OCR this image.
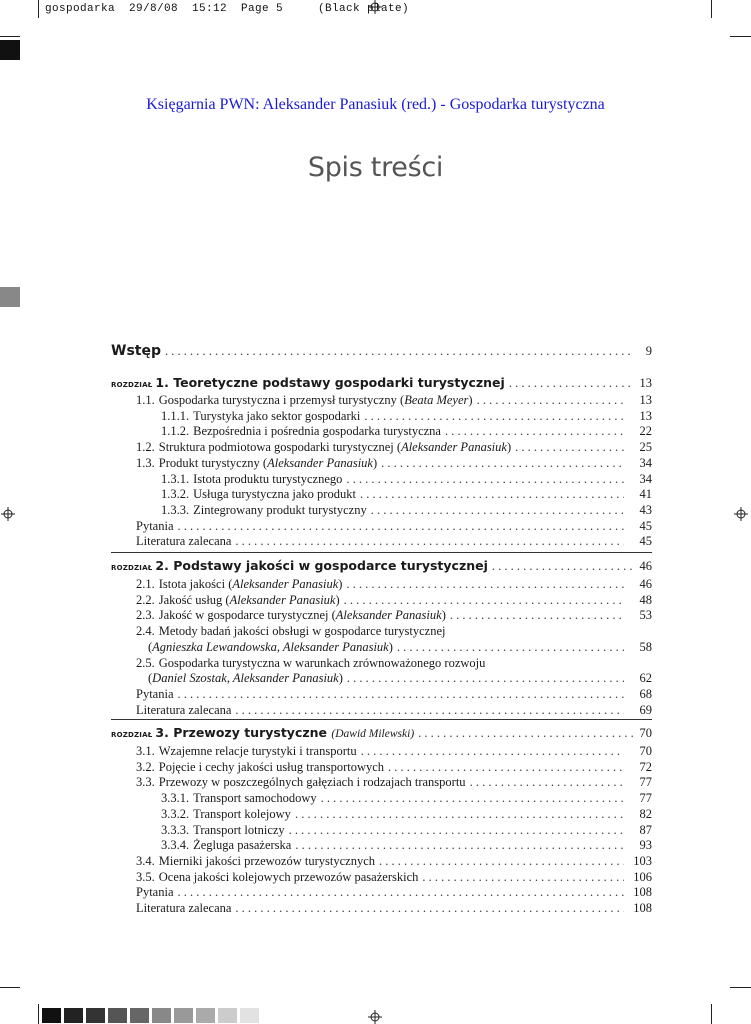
gospodarka  29/8/08  15:12  Page 5     (Black plate)
Księgarnia PWN: Aleksander Panasiuk (red.) - Gospodarka turystyczna
Spis treści
Wstęp . . .	9
ROZDZIAŁ 1. Teoretyczne podstawy gospodarki turystycznej . . .	13
1.1. Gospodarka turystyczna i przemysł turystyczny (Beata Meyer) . . .	13
1.1.1. Turystyka jako sektor gospodarki . . .	13
1.1.2. Bezpośrednia i pośrednia gospodarka turystyczna . . .	22
1.2. Struktura podmiotowa gospodarki turystycznej (Aleksander Panasiuk) . . .	25
1.3. Produkt turystyczny (Aleksander Panasiuk) . . .	34
1.3.1. Istota produktu turystycznego . . .	34
1.3.2. Usługa turystyczna jako produkt . . .	41
1.3.3. Zintegrowany produkt turystyczny . . .	43
Pytania . . .	45
Literatura zalecana . . .	45
ROZDZIAŁ 2. Podstawy jakości w gospodarce turystycznej . . .	46
2.1. Istota jakości (Aleksander Panasiuk) . . .	46
2.2. Jakość usług (Aleksander Panasiuk) . . .	48
2.3. Jakość w gospodarce turystycznej (Aleksander Panasiuk) . . .	53
2.4. Metody badań jakości obsługi w gospodarce turystycznej
(Agnieszka Lewandowska, Aleksander Panasiuk) . . .	58
2.5. Gospodarka turystyczna w warunkach zrównoważonego rozwoju
(Daniel Szostak, Aleksander Panasiuk) . . .	62
Pytania . . .	68
Literatura zalecana . . .	69
ROZDZIAŁ 3. Przewozy turystyczne (Dawid Milewski) . . .	70
3.1. Wzajemne relacje turystyki i transportu . . .	70
3.2. Pojęcie i cechy jakości usług transportowych . . .	72
3.3. Przewozy w poszczególnych gałęziach i rodzajach transportu . . .	77
3.3.1. Transport samochodowy . . .	77
3.3.2. Transport kolejowy . . .	82
3.3.3. Transport lotniczy . . .	87
3.3.4. Żegluga pasażerska . . .	93
3.4. Mierniki jakości przewozów turystycznych . . .	103
3.5. Ocena jakości kolejowych przewozów pasażerskich . . .	106
Pytania . . .	108
Literatura zalecana . . .	108
